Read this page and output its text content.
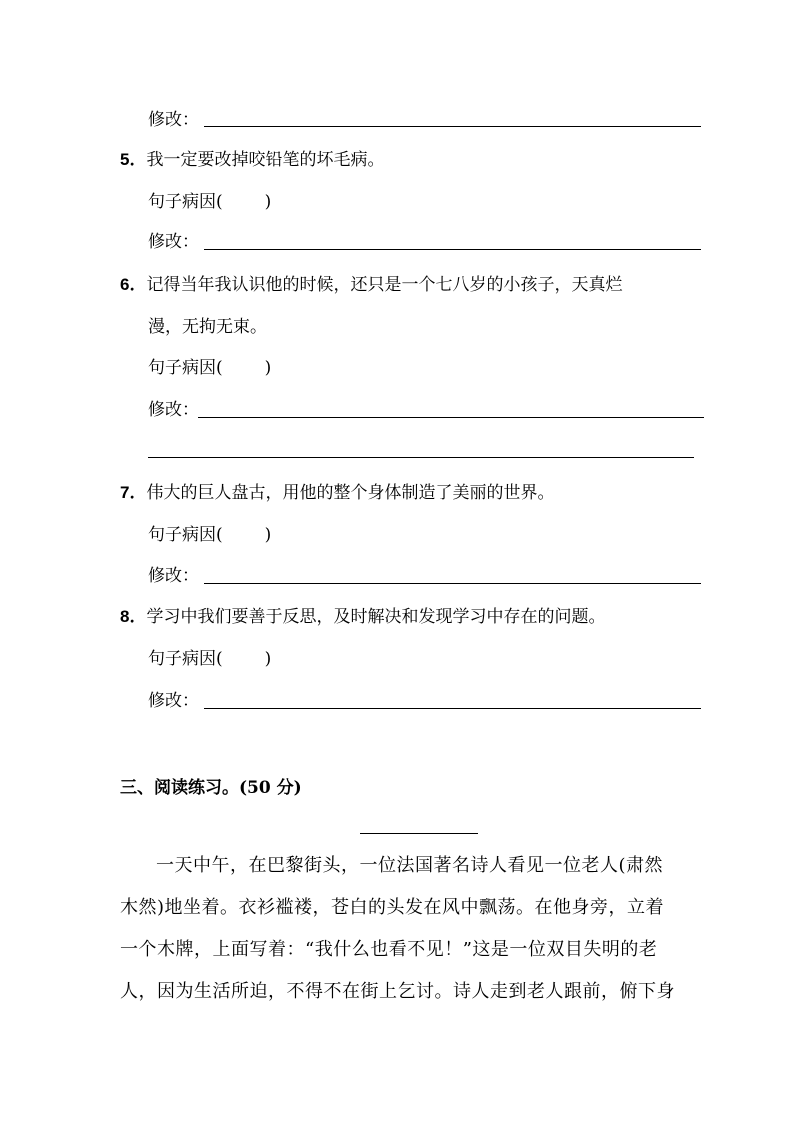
修改：
5．我一定要改掉咬铅笔的坏毛病。
句子病因( )
修改：
6．记得当年我认识他的时候，还只是一个七八岁的小孩子，天真烂
漫，无拘无束。
句子病因( )
修改：
7．伟大的巨人盘古，用他的整个身体制造了美丽的世界。
句子病因( )
修改：
8．学习中我们要善于反思，及时解决和发现学习中存在的问题。
句子病因( )
修改：
三、阅读练习。(50 分)
一天中午，在巴黎街头，一位法国著名诗人看见一位老人(肃然
木然)地坐着。衣衫褴褛，苍白的头发在风中飘荡。在他身旁，立着
一个木牌，上面写着：“我什么也看不见！”这是一位双目失明的老
人，因为生活所迫，不得不在街上乞讨。诗人走到老人跟前，俯下身
